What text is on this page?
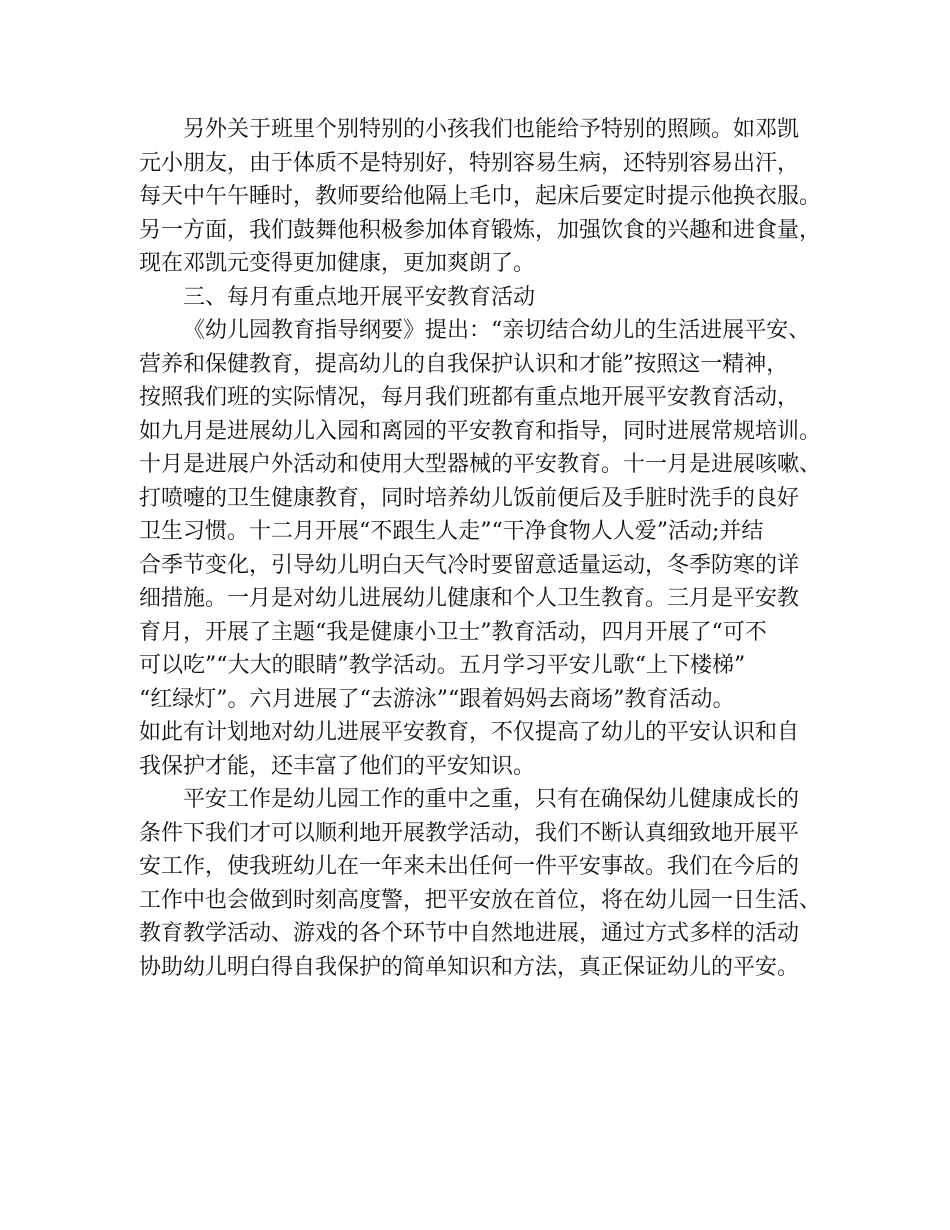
另外关于班里个别特别的小孩我们也能给予特别的照顾。如邓凯
元小朋友，由于体质不是特别好，特别容易生病，还特别容易出汗，
每天中午午睡时，教师要给他隔上毛巾，起床后要定时提示他换衣服。
另一方面，我们鼓舞他积极参加体育锻炼，加强饮食的兴趣和进食量，
现在邓凯元变得更加健康，更加爽朗了。
三、每月有重点地开展平安教育活动
《幼儿园教育指导纲要》提出：“亲切结合幼儿的生活进展平安、
营养和保健教育，提高幼儿的自我保护认识和才能”按照这一精神，
按照我们班的实际情况，每月我们班都有重点地开展平安教育活动，
如九月是进展幼儿入园和离园的平安教育和指导，同时进展常规培训。
十月是进展户外活动和使用大型器械的平安教育。十一月是进展咳嗽、
打喷嚏的卫生健康教育，同时培养幼儿饭前便后及手脏时洗手的良好
卫生习惯。十二月开展“不跟生人走”“干净食物人人爱”活动;并结
合季节变化，引导幼儿明白天气冷时要留意适量运动，冬季防寒的详
细措施。一月是对幼儿进展幼儿健康和个人卫生教育。三月是平安教
育月，开展了主题“我是健康小卫士”教育活动，四月开展了“可不
可以吃”“大大的眼睛”教学活动。五月学习平安儿歌“上下楼梯”
“红绿灯”。六月进展了“去游泳”“跟着妈妈去商场”教育活动。
如此有计划地对幼儿进展平安教育，不仅提高了幼儿的平安认识和自
我保护才能，还丰富了他们的平安知识。
平安工作是幼儿园工作的重中之重，只有在确保幼儿健康成长的
条件下我们才可以顺利地开展教学活动，我们不断认真细致地开展平
安工作，使我班幼儿在一年来未出任何一件平安事故。我们在今后的
工作中也会做到时刻高度警，把平安放在首位，将在幼儿园一日生活、
教育教学活动、游戏的各个环节中自然地进展，通过方式多样的活动
协助幼儿明白得自我保护的简单知识和方法，真正保证幼儿的平安。
